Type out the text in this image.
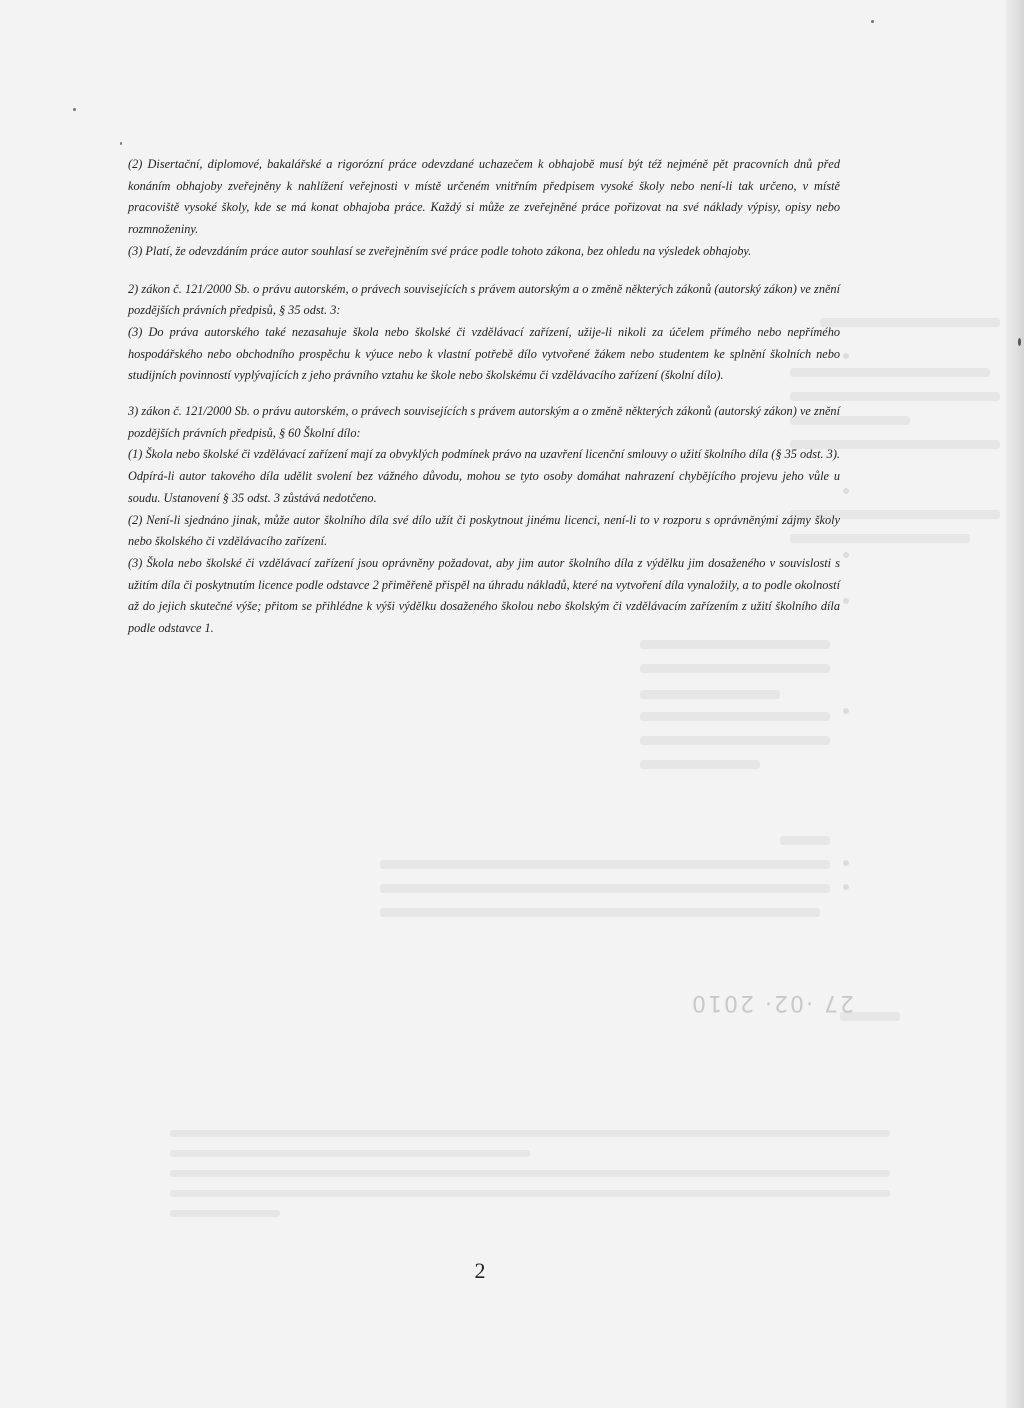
27 ·02· 2010

(2) Disertační, diplomové, bakalářské a rigorózní práce odevzdané uchazečem k obhajobě musí být též nejméně pět pracovních dnů před konáním obhajoby zveřejněny k nahlížení veřejnosti v místě určeném vnitřním předpisem vysoké školy nebo není-li tak určeno, v místě pracoviště vysoké školy, kde se má konat obhajoba práce. Každý si může ze zveřejněné práce pořizovat na své náklady výpisy, opisy nebo rozmnoženiny.

(3) Platí, že odevzdáním práce autor souhlasí se zveřejněním své práce podle tohoto zákona, bez ohledu na výsledek obhajoby.

2) zákon č. 121/2000 Sb. o právu autorském, o právech souvisejících s právem autorským a o změně některých zákonů (autorský zákon) ve znění pozdějších právních předpisů, § 35 odst. 3:

(3) Do práva autorského také nezasahuje škola nebo školské či vzdělávací zařízení, užije-li nikoli za účelem přímého nebo nepřímého hospodářského nebo obchodního prospěchu k výuce nebo k vlastní potřebě dílo vytvořené žákem nebo studentem ke splnění školních nebo studijních povinností vyplývajících z jeho právního vztahu ke škole nebo školskému či vzdělávacího zařízení (školní dílo).

3) zákon č. 121/2000 Sb. o právu autorském, o právech souvisejících s právem autorským a o změně některých zákonů (autorský zákon) ve znění pozdějších právních předpisů, § 60 Školní dílo:

(1) Škola nebo školské či vzdělávací zařízení mají za obvyklých podmínek právo na uzavření licenční smlouvy o užití školního díla (§ 35 odst. 3). Odpírá-li autor takového díla udělit svolení bez vážného důvodu, mohou se tyto osoby domáhat nahrazení chybějícího projevu jeho vůle u soudu. Ustanovení § 35 odst. 3 zůstává nedotčeno.

(2) Není-li sjednáno jinak, může autor školního díla své dílo užít či poskytnout jinému licenci, není-li to v rozporu s oprávněnými zájmy školy nebo školského či vzdělávacího zařízení.

(3) Škola nebo školské či vzdělávací zařízení jsou oprávněny požadovat, aby jim autor školního díla z výdělku jim dosaženého v souvislosti s užitím díla či poskytnutím licence podle odstavce 2 přiměřeně přispěl na úhradu nákladů, které na vytvoření díla vynaložily, a to podle okolností až do jejich skutečné výše; přitom se přihlédne k výši výdělku dosaženého školou nebo školským či vzdělávacím zařízením z užití školního díla podle odstavce 1.

2
